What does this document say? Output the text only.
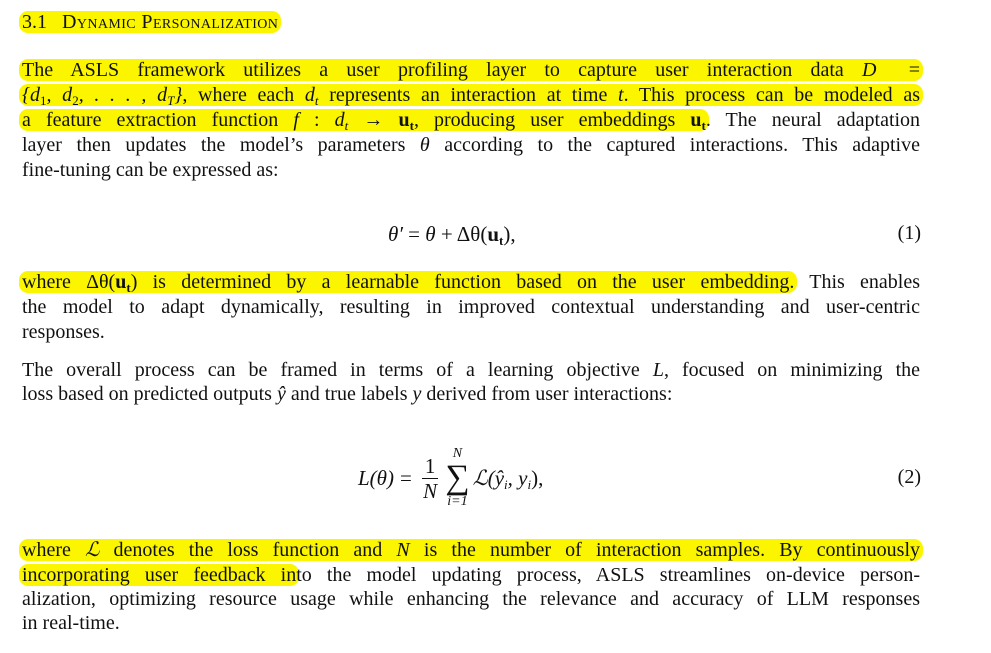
3.1 Dynamic Personalization
The ASLS framework utilizes a user profiling layer to capture user interaction data D =
{$d_1$, $d_2$, . . . , $d_T$}, where each $d_t$ represents an interaction at time t. This process can be modeled as
a feature extraction function f : $d_t \to u_t$, producing user embeddings $u_t$. The neural adaptation
layer then updates the model’s parameters θ according to the captured interactions. This adaptive
fine-tuning can be expressed as:
$\theta' = \theta + \Delta\theta(u_t)$,	(1)
where $\Delta\theta(u_t)$ is determined by a learnable function based on the user embedding. This enables
the model to adapt dynamically, resulting in improved contextual understanding and user-centric
responses.
The overall process can be framed in terms of a learning objective L, focused on minimizing the
loss based on predicted outputs ŷ and true labels y derived from user interactions:
$L(\theta) = \frac{1}{N}$ N
∑
i=1
$ℒ(ŷ_i$, $y_i$),	(2)
where ℒ denotes the loss function and N is the number of interaction samples. By continuously
incorporating user feedback into the model updating process, ASLS streamlines on-device person-
alization, optimizing resource usage while enhancing the relevance and accuracy of LLM responses
in real-time.
